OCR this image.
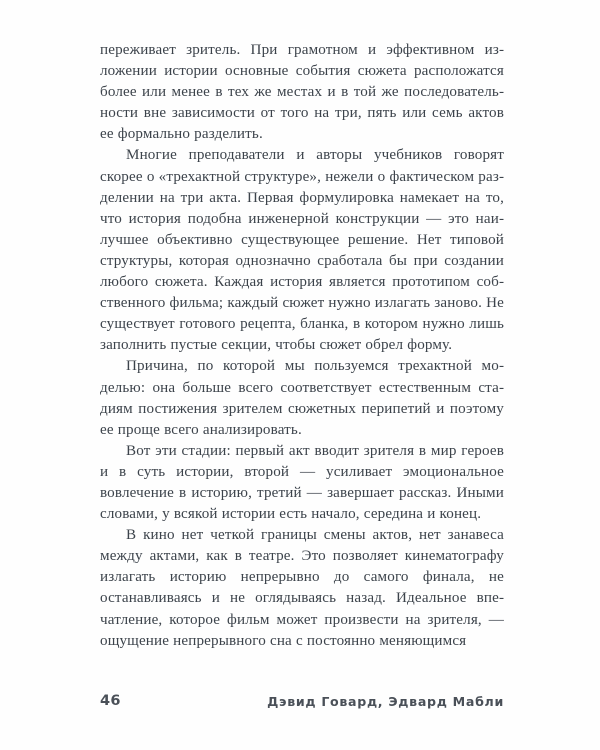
переживает зритель. При грамотном и эффективном изложении истории основные события сюжета расположатся более или менее в тех же местах и в той же последовательности вне зависимости от того на три, пять или семь актов ее формально разделить.

Многие преподаватели и авторы учебников говорят скорее о «трехактной структуре», нежели о фактическом разделении на три акта. Первая формулировка намекает на то, что история подобна инженерной конструкции — это наилучшее объективно существующее решение. Нет типовой структуры, которая однозначно сработала бы при создании любого сюжета. Каждая история является прототипом собственного фильма; каждый сюжет нужно излагать заново. Не существует готового рецепта, бланка, в котором нужно лишь заполнить пустые секции, чтобы сюжет обрел форму.

Причина, по которой мы пользуемся трехактной моделью: она больше всего соответствует естественным стадиям постижения зрителем сюжетных перипетий и поэтому ее проще всего анализировать.

Вот эти стадии: первый акт вводит зрителя в мир героев и в суть истории, второй — усиливает эмоциональное вовлечение в историю, третий — завершает рассказ. Иными словами, у всякой истории есть начало, середина и конец.

В кино нет четкой границы смены актов, нет занавеса между актами, как в театре. Это позволяет кинематографу излагать историю непрерывно до самого финала, не останавливаясь и не оглядываясь назад. Идеальное впечатление, которое фильм может произвести на зрителя, — ощущение непрерывного сна с постоянно меняющимся

46	Дэвид Говард, Эдвард Мабли
